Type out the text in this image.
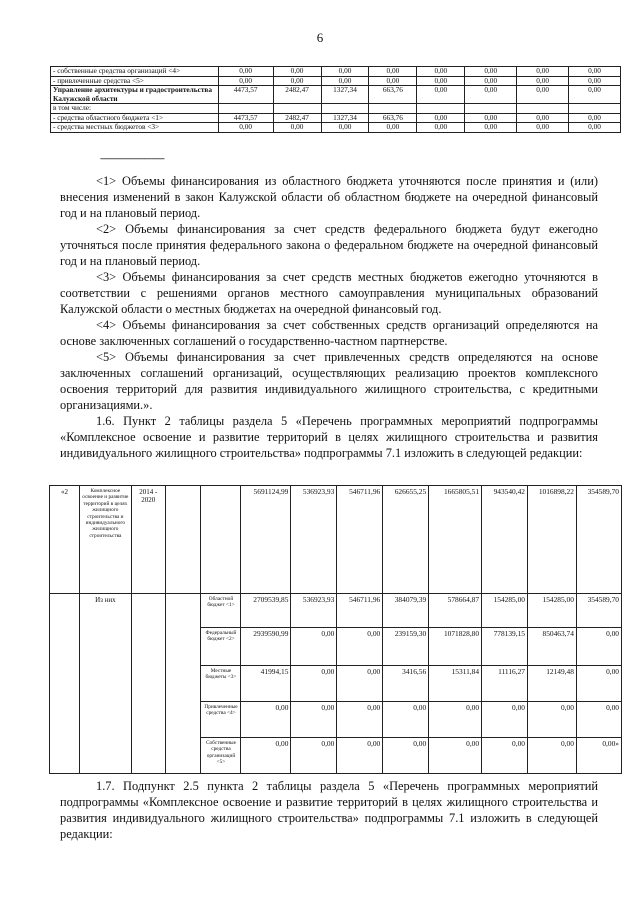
6
- собственные средства организаций <4>	0,00	0,00	0,00	0,00	0,00	0,00	0,00	0,00
- привлеченные средства <5>	0,00	0,00	0,00	0,00	0,00	0,00	0,00	0,00
Управление архитектуры и градостроительства Калужской области	4473,57	2482,47	1327,34	663,76	0,00	0,00	0,00	0,00
в том числе:								
- средства областного бюджета <1>	4473,57	2482,47	1327,34	663,76	0,00	0,00	0,00	0,00
- средства местных бюджетов <3>	0,00	0,00	0,00	0,00	0,00	0,00	0,00	0,00
--------------------------------

<1> Объемы финансирования из областного бюджета уточняются после принятия и (или) внесения изменений в закон Калужской области об областном бюджете на очередной финансовый год и на плановый период.

<2> Объемы финансирования за счет средств федерального бюджета будут ежегодно уточняться после принятия федерального закона о федеральном бюджете на очередной финансовый год и на плановый период.

<3> Объемы финансирования за счет средств местных бюджетов ежегодно уточняются в соответствии с решениями органов местного самоуправления муниципальных образований Калужской области о местных бюджетах на очередной финансовый год.

<4> Объемы финансирования за счет собственных средств организаций определяются на основе заключенных соглашений о государственно-частном партнерстве.

<5> Объемы финансирования за счет привлеченных средств определяются на основе заключенных соглашений организаций, осуществляющих реализацию проектов комплексного освоения территорий для развития индивидуального жилищного строительства, с кредитными организациями.».

1.6. Пункт 2 таблицы раздела 5 «Перечень программных мероприятий подпрограммы «Комплексное освоение и развитие территорий в целях жилищного строительства и развития индивидуального жилищного строительства» подпрограммы 7.1 изложить в следующей редакции:

«2	Комплексное освоение и развитие территорий в целях жилищного строительства и индивидуального жилищного строительства	2014 - 2020			5691124,99	536923,93	546711,96	626655,25	1665805,51	943540,42	1016898,22	354589,70
	Из них			Областной бюджет <1>	2709539,85	536923,93	546711,96	384079,39	578664,87	154285,00	154285,00	354589,70
				Федеральный бюджет <2>	2939590,99	0,00	0,00	239159,30	1071828,80	778139,15	850463,74	0,00
				Местные бюджеты <3>	41994,15	0,00	0,00	3416,56	15311,84	11116,27	12149,48	0,00
				Привлеченные средства <4>	0,00	0,00	0,00	0,00	0,00	0,00	0,00	0,00
				Собственные средства организаций <5>	0,00	0,00	0,00	0,00	0,00	0,00	0,00	0,00»

1.7. Подпункт 2.5 пункта 2 таблицы раздела 5 «Перечень программных мероприятий подпрограммы «Комплексное освоение и развитие территорий в целях жилищного строительства и развития индивидуального жилищного строительства» подпрограммы 7.1 изложить в следующей редакции:
